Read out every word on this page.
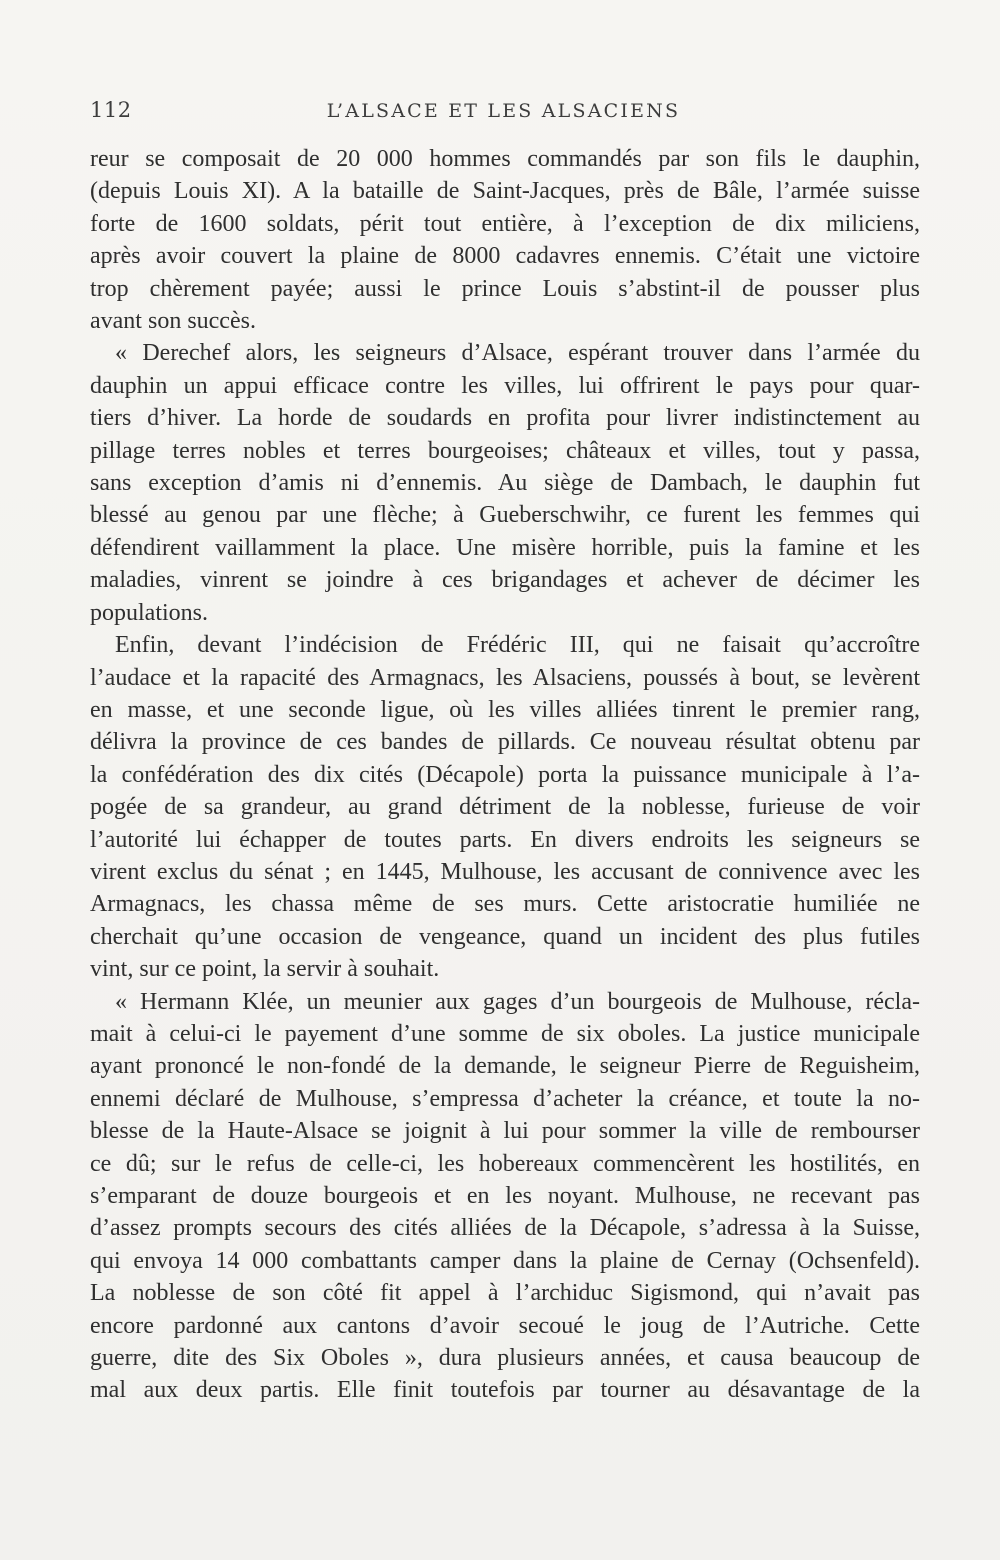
112	L’ALSACE ET LES ALSACIENS
reur se composait de 20 000 hommes commandés par son fils le dauphin,
(depuis Louis XI). A la bataille de Saint-Jacques, près de Bâle, l’armée suisse
forte de 1600 soldats, périt tout entière, à l’exception de dix miliciens,
après avoir couvert la plaine de 8000 cadavres ennemis. C’était une victoire
trop chèrement payée; aussi le prince Louis s’abstint-il de pousser plus
avant son succès.
« Derechef alors, les seigneurs d’Alsace, espérant trouver dans l’armée du
dauphin un appui efficace contre les villes, lui offrirent le pays pour quar-
tiers d’hiver. La horde de soudards en profita pour livrer indistinctement au
pillage terres nobles et terres bourgeoises; châteaux et villes, tout y passa,
sans exception d’amis ni d’ennemis. Au siège de Dambach, le dauphin fut
blessé au genou par une flèche; à Gueberschwihr, ce furent les femmes qui
défendirent vaillamment la place. Une misère horrible, puis la famine et les
maladies, vinrent se joindre à ces brigandages et achever de décimer les
populations.
Enfin, devant l’indécision de Frédéric III, qui ne faisait qu’accroître
l’audace et la rapacité des Armagnacs, les Alsaciens, poussés à bout, se levèrent
en masse, et une seconde ligue, où les villes alliées tinrent le premier rang,
délivra la province de ces bandes de pillards. Ce nouveau résultat obtenu par
la confédération des dix cités (Décapole) porta la puissance municipale à l’a-
pogée de sa grandeur, au grand détriment de la noblesse, furieuse de voir
l’autorité lui échapper de toutes parts. En divers endroits les seigneurs se
virent exclus du sénat ; en 1445, Mulhouse, les accusant de connivence avec les
Armagnacs, les chassa même de ses murs. Cette aristocratie humiliée ne
cherchait qu’une occasion de vengeance, quand un incident des plus futiles
vint, sur ce point, la servir à souhait.
« Hermann Klée, un meunier aux gages d’un bourgeois de Mulhouse, récla-
mait à celui-ci le payement d’une somme de six oboles. La justice municipale
ayant prononcé le non-fondé de la demande, le seigneur Pierre de Reguisheim,
ennemi déclaré de Mulhouse, s’empressa d’acheter la créance, et toute la no-
blesse de la Haute-Alsace se joignit à lui pour sommer la ville de rembourser
ce dû; sur le refus de celle-ci, les hobereaux commencèrent les hostilités, en
s’emparant de douze bourgeois et en les noyant. Mulhouse, ne recevant pas
d’assez prompts secours des cités alliées de la Décapole, s’adressa à la Suisse,
qui envoya 14 000 combattants camper dans la plaine de Cernay (Ochsenfeld).
La noblesse de son côté fit appel à l’archiduc Sigismond, qui n’avait pas
encore pardonné aux cantons d’avoir secoué le joug de l’Autriche. Cette
guerre, dite des Six Oboles », dura plusieurs années, et causa beaucoup de
mal aux deux partis. Elle finit toutefois par tourner au désavantage de la
